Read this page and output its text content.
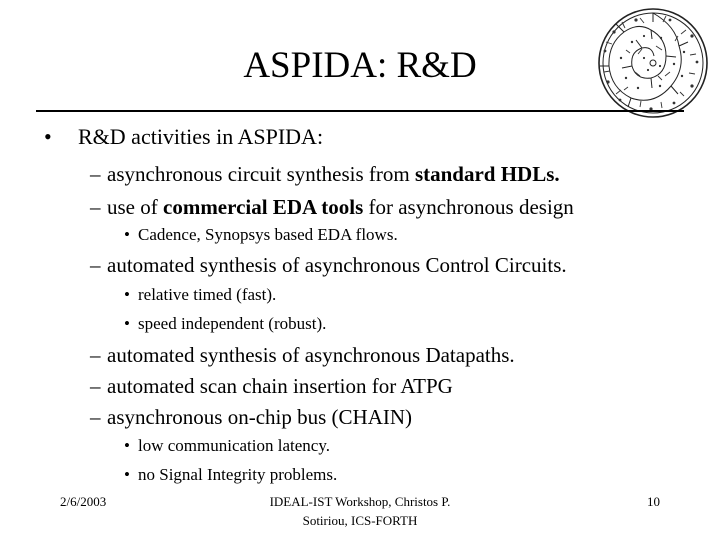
ASPIDA: R&D
• R&D activities in ASPIDA:
– asynchronous circuit synthesis from standard HDLs.
– use of commercial EDA tools for asynchronous design
• Cadence, Synopsys based EDA flows.
– automated synthesis of asynchronous Control Circuits.
• relative timed (fast).
• speed independent (robust).
– automated synthesis of asynchronous Datapaths.
– automated scan chain insertion for ATPG
– asynchronous on-chip bus (CHAIN)
• low communication latency.
• no Signal Integrity problems.
2/6/2003	IDEAL-IST Workshop, Christos P.
Sotiriou, ICS-FORTH
10
